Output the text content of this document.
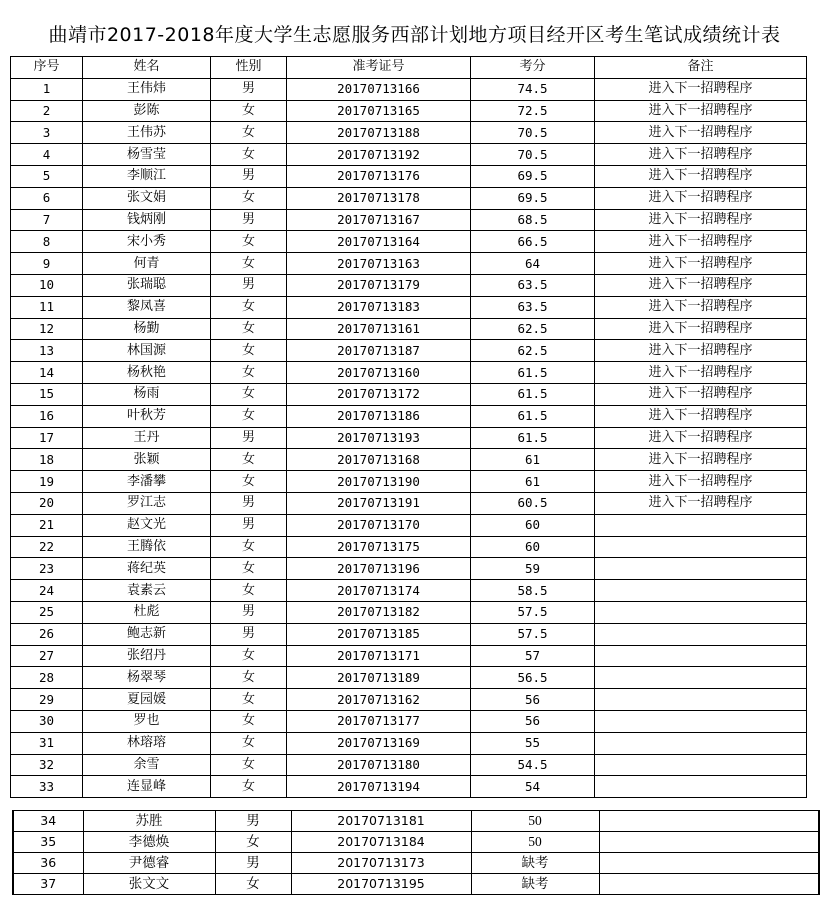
曲靖市2017-2018年度大学生志愿服务西部计划地方项目经开区考生笔试成绩统计表
序号	姓名	性别	准考证号	考分	备注
1	王伟炜	男	20170713166	74.5	进入下一招聘程序
2	彭陈	女	20170713165	72.5	进入下一招聘程序
3	王伟苏	女	20170713188	70.5	进入下一招聘程序
4	杨雪莹	女	20170713192	70.5	进入下一招聘程序
5	李顺江	男	20170713176	69.5	进入下一招聘程序
6	张文娟	女	20170713178	69.5	进入下一招聘程序
7	钱炳刚	男	20170713167	68.5	进入下一招聘程序
8	宋小秀	女	20170713164	66.5	进入下一招聘程序
9	何青	女	20170713163	64	进入下一招聘程序
10	张瑞聪	男	20170713179	63.5	进入下一招聘程序
11	黎凤喜	女	20170713183	63.5	进入下一招聘程序
12	杨勤	女	20170713161	62.5	进入下一招聘程序
13	林国源	女	20170713187	62.5	进入下一招聘程序
14	杨秋艳	女	20170713160	61.5	进入下一招聘程序
15	杨雨	女	20170713172	61.5	进入下一招聘程序
16	叶秋芳	女	20170713186	61.5	进入下一招聘程序
17	王丹	男	20170713193	61.5	进入下一招聘程序
18	张颖	女	20170713168	61	进入下一招聘程序
19	李潘攀	女	20170713190	61	进入下一招聘程序
20	罗江志	男	20170713191	60.5	进入下一招聘程序
21	赵文光	男	20170713170	60	
22	王腾依	女	20170713175	60	
23	蒋纪英	女	20170713196	59	
24	袁素云	女	20170713174	58.5	
25	杜彪	男	20170713182	57.5	
26	鲍志新	男	20170713185	57.5	
27	张绍丹	女	20170713171	57	
28	杨翠琴	女	20170713189	56.5	
29	夏园媛	女	20170713162	56	
30	罗也	女	20170713177	56	
31	林瑢瑢	女	20170713169	55	
32	余雪	女	20170713180	54.5	
33	连显峰	女	20170713194	54	
34	苏胜	男	20170713181	50	
35	李德焕	女	20170713184	50	
36	尹德睿	男	20170713173	缺考	
37	张文文	女	20170713195	缺考	
